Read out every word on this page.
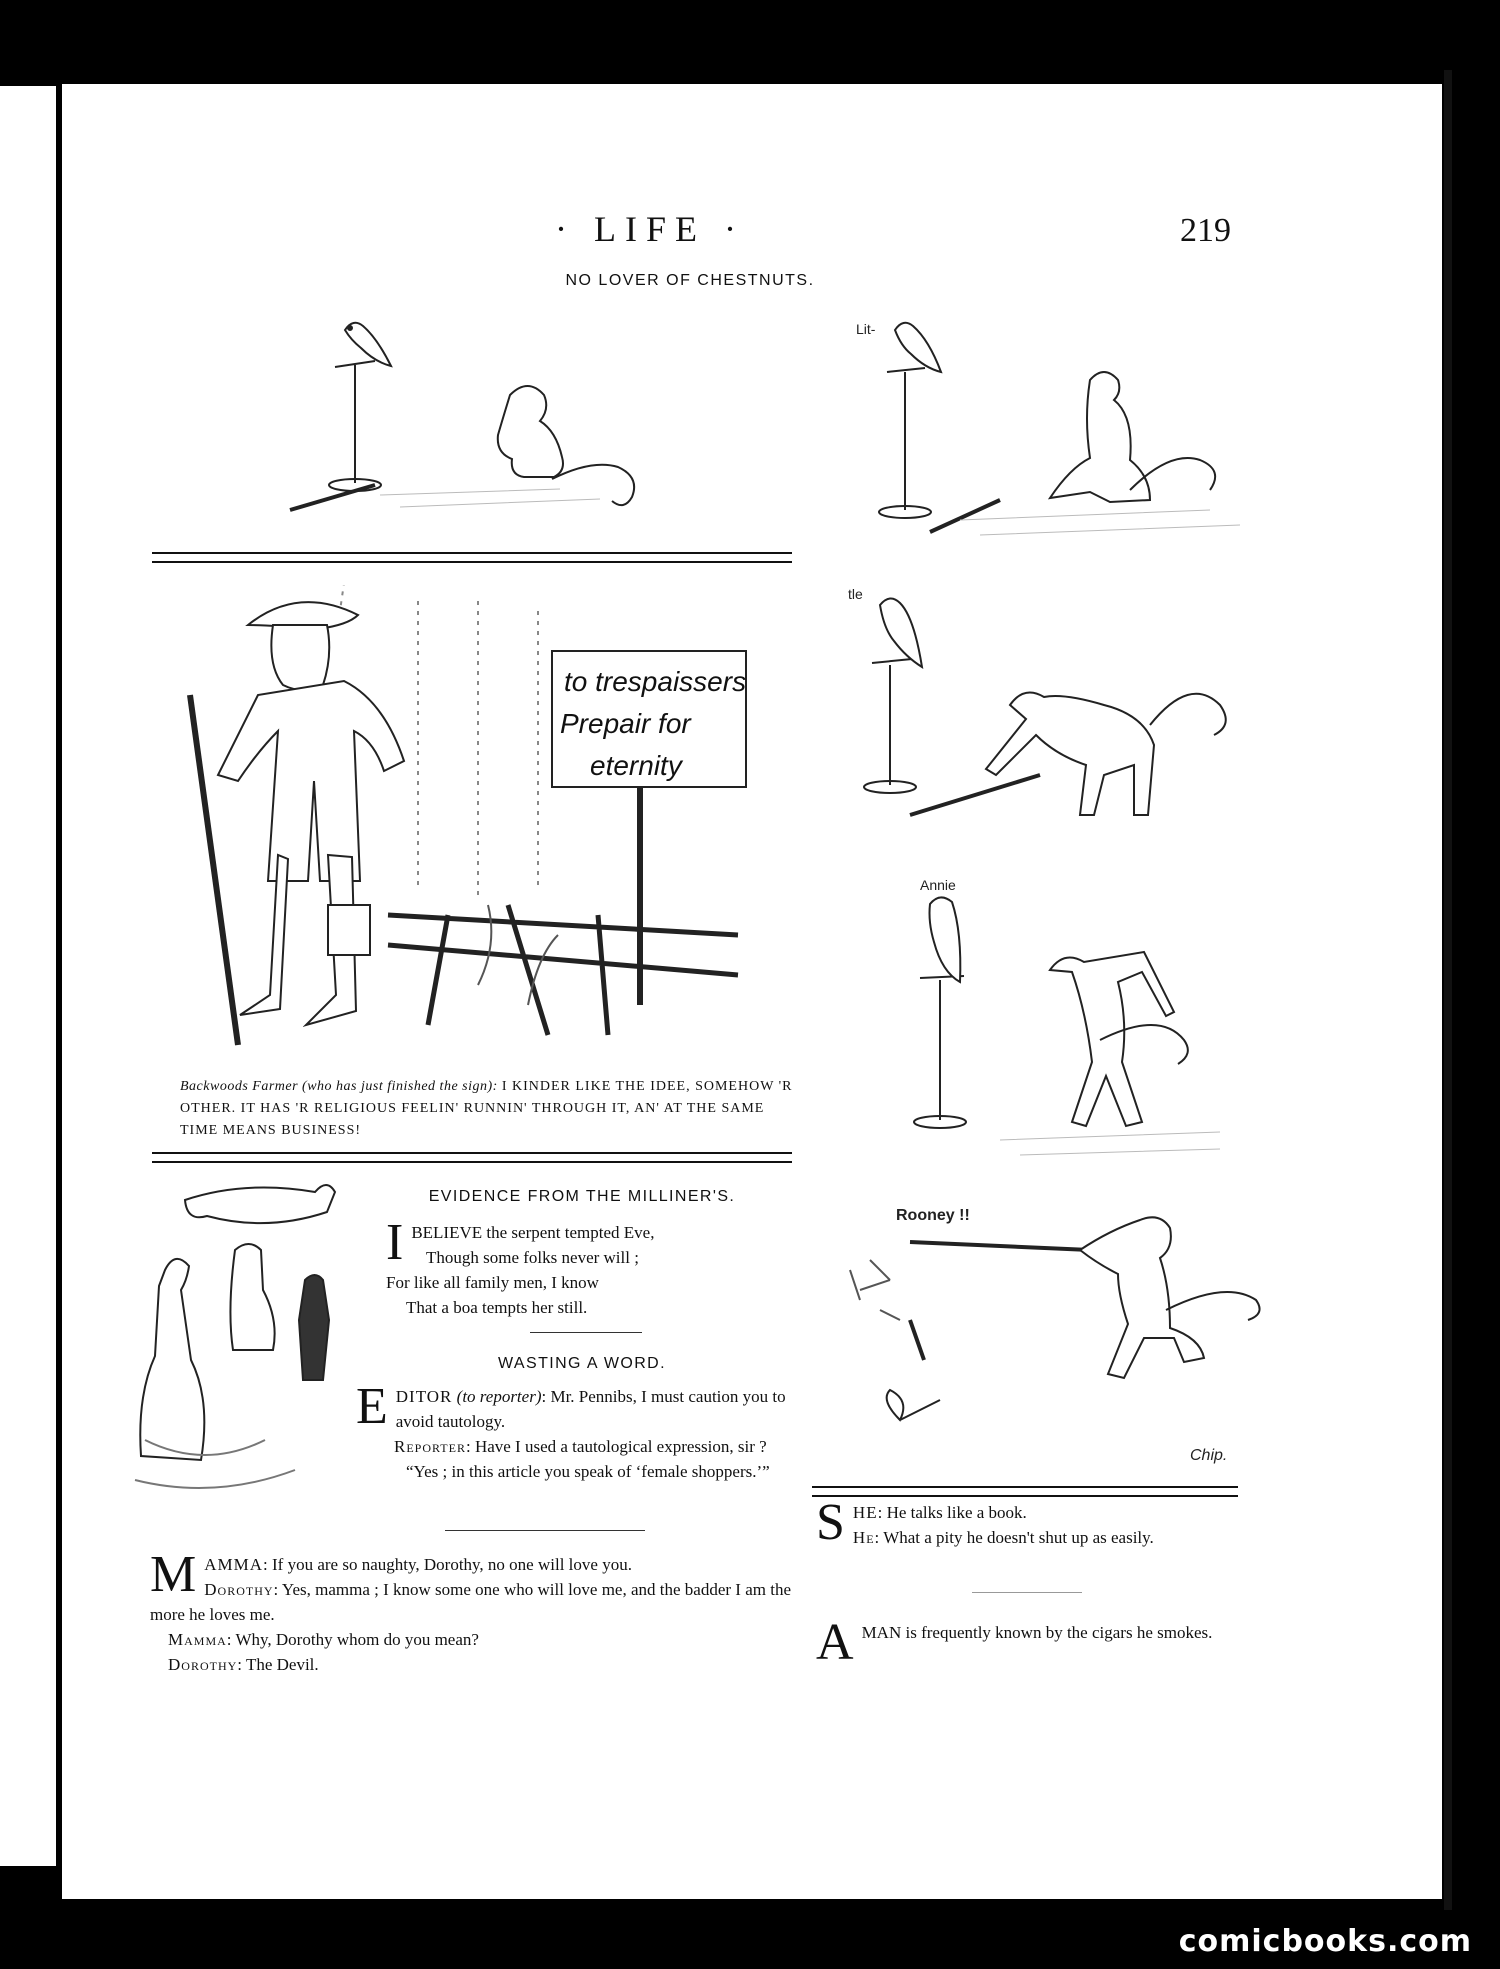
· LIFE ·	219
NO LOVER OF CHESTNUTS.
Lit-
to trespaissers
Prepair for
eternity
Backwoods Farmer (who has just finished the sign): I KINDER LIKE THE IDEE, SOMEHOW 'R OTHER. IT HAS 'R RELIGIOUS FEELIN' RUNNIN' THROUGH IT, AN' AT THE SAME TIME MEANS BUSINESS!
EVIDENCE FROM THE MILLINER'S.
IBELIEVE the serpent tempted Eve,
Though some folks never will ;
For like all family men, I know
That a boa tempts her still.
WASTING A WORD.
EDITOR (to reporter): Mr. Pennibs, I must caution you to avoid tautology.
Reporter: Have I used a tautological expression, sir ?
“Yes ; in this article you speak of ‘female shoppers.’”
MAMMA: If you are so naughty, Dorothy, no one will love you.
Dorothy: Yes, mamma ; I know some one who will love me, and the badder I am the more he loves me.
Mamma: Why, Dorothy whom do you mean?
Dorothy: The Devil.
tle
Annie
Rooney !!
Chip.
SHE: He talks like a book.
He: What a pity he doesn't shut up as easily.
AMAN is frequently known by the cigars he smokes.
comicbooks.com
